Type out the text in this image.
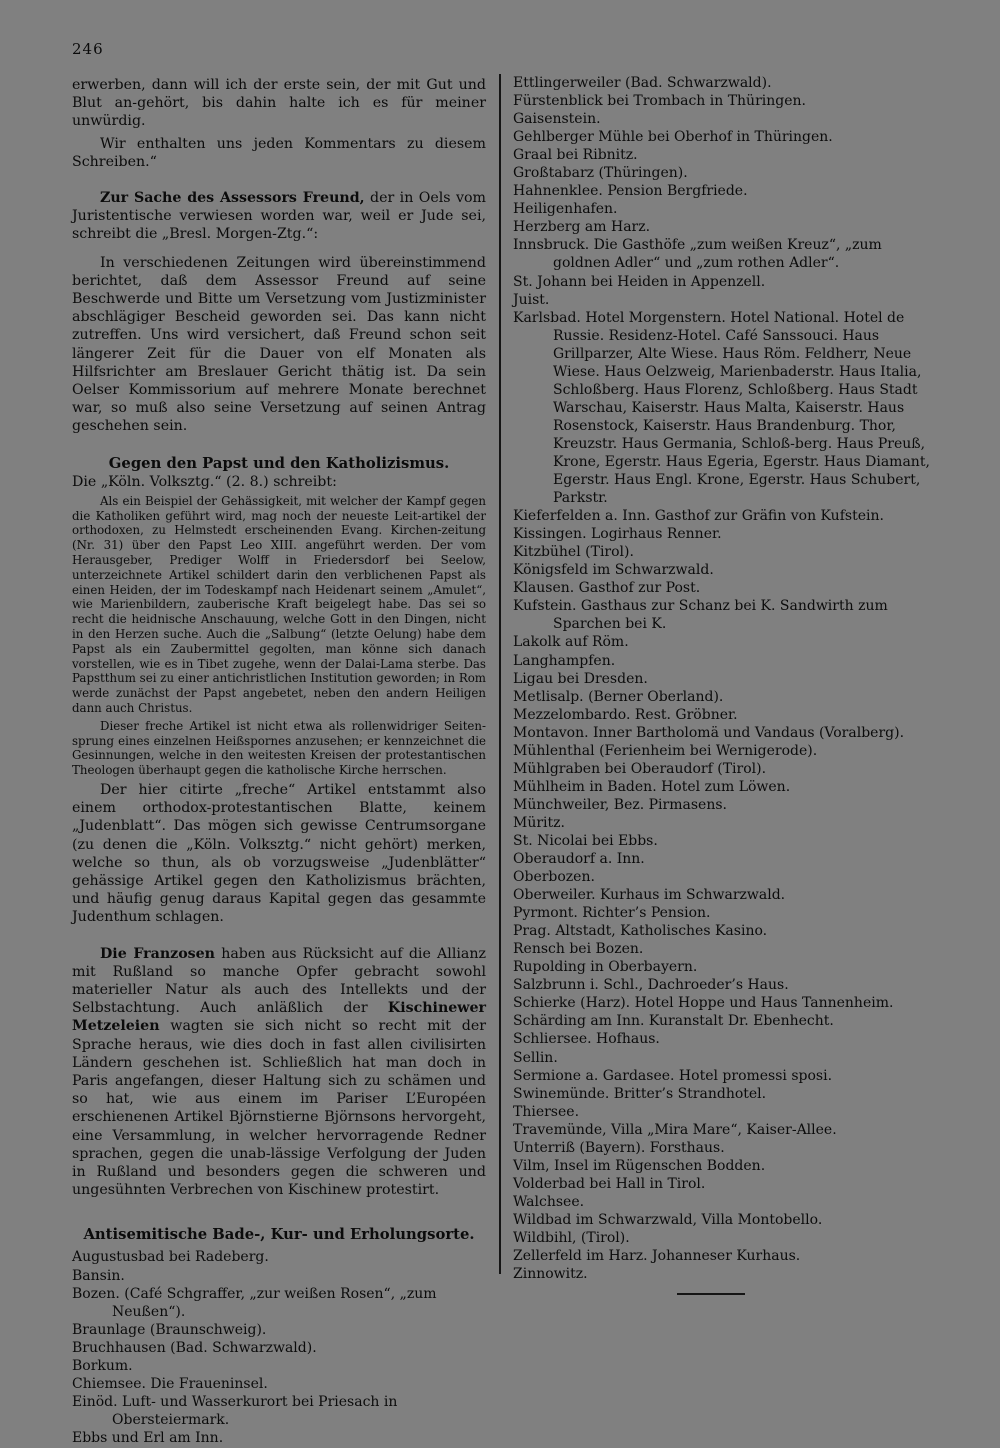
246

erwerben, dann will ich der erste sein, der mit Gut und Blut an-gehört, bis dahin halte ich es für meiner unwürdig.

Wir enthalten uns jeden Kommentars zu diesem Schreiben.“

Zur Sache des Assessors Freund, der in Oels vom Juristentische verwiesen worden war, weil er Jude sei, schreibt die „Bresl. Morgen-Ztg.“:

In verschiedenen Zeitungen wird übereinstimmend berichtet, daß dem Assessor Freund auf seine Beschwerde und Bitte um Versetzung vom Justizminister abschlägiger Bescheid geworden sei. Das kann nicht zutreffen. Uns wird versichert, daß Freund schon seit längerer Zeit für die Dauer von elf Monaten als Hilfsrichter am Breslauer Gericht thätig ist. Da sein Oelser Kommissorium auf mehrere Monate berechnet war, so muß also seine Versetzung auf seinen Antrag geschehen sein.

Gegen den Papst und den Katholizismus.

Die „Köln. Volksztg.“ (2. 8.) schreibt:

Als ein Beispiel der Gehässigkeit, mit welcher der Kampf gegen die Katholiken geführt wird, mag noch der neueste Leit-artikel der orthodoxen, zu Helmstedt erscheinenden Evang. Kirchen-zeitung (Nr. 31) über den Papst Leo XIII. angeführt werden. Der vom Herausgeber, Prediger Wolff in Friedersdorf bei Seelow, unterzeichnete Artikel schildert darin den verblichenen Papst als einen Heiden, der im Todeskampf nach Heidenart seinem „Amulet“, wie Marienbildern, zauberische Kraft beigelegt habe. Das sei so recht die heidnische Anschauung, welche Gott in den Dingen, nicht in den Herzen suche. Auch die „Salbung“ (letzte Oelung) habe dem Papst als ein Zaubermittel gegolten, man könne sich danach vorstellen, wie es in Tibet zugehe, wenn der Dalai-Lama sterbe. Das Papstthum sei zu einer antichristlichen Institution geworden; in Rom werde zunächst der Papst angebetet, neben den andern Heiligen dann auch Christus.

Dieser freche Artikel ist nicht etwa als rollenwidriger Seiten-sprung eines einzelnen Heißspornes anzusehen; er kennzeichnet die Gesinnungen, welche in den weitesten Kreisen der protestantischen Theologen überhaupt gegen die katholische Kirche herrschen.

Der hier citirte „freche“ Artikel entstammt also einem orthodox-protestantischen Blatte, keinem „Judenblatt“. Das mögen sich gewisse Centrumsorgane (zu denen die „Köln. Volksztg.“ nicht gehört) merken, welche so thun, als ob vorzugsweise „Judenblätter“ gehässige Artikel gegen den Katholizismus brächten, und häufig genug daraus Kapital gegen das gesammte Judenthum schlagen.

Die Franzosen haben aus Rücksicht auf die Allianz mit Rußland so manche Opfer gebracht sowohl materieller Natur als auch des Intellekts und der Selbstachtung. Auch anläßlich der Kischinewer Metzeleien wagten sie sich nicht so recht mit der Sprache heraus, wie dies doch in fast allen civilisirten Ländern geschehen ist. Schließlich hat man doch in Paris angefangen, dieser Haltung sich zu schämen und so hat, wie aus einem im Pariser L’Européen erschienenen Artikel Björnstierne Björnsons hervorgeht, eine Versammlung, in welcher hervorragende Redner sprachen, gegen die unab-lässige Verfolgung der Juden in Rußland und besonders gegen die schweren und ungesühnten Verbrechen von Kischinew protestirt.

Antisemitische Bade-, Kur- und Erholungsorte.

Augustusbad bei Radeberg.
Bansin.
Bozen. (Café Schgraffer, „zur weißen Rosen“, „zum Neußen“).
Braunlage (Braunschweig).
Bruchhausen (Bad. Schwarzwald).
Borkum.
Chiemsee. Die Fraueninsel.
Einöd. Luft- und Wasserkurort bei Priesach in Obersteiermark.
Ebbs und Erl am Inn.
Ettlingerweiler (Bad. Schwarzwald).
Fürstenblick bei Trombach in Thüringen.
Gaisenstein.
Gehlberger Mühle bei Oberhof in Thüringen.
Graal bei Ribnitz.
Großtabarz (Thüringen).
Hahnenklee. Pension Bergfriede.
Heiligenhafen.
Herzberg am Harz.
Innsbruck. Die Gasthöfe „zum weißen Kreuz“, „zum goldnen Adler“ und „zum rothen Adler“.
St. Johann bei Heiden in Appenzell.
Juist.
Karlsbad. Hotel Morgenstern. Hotel National. Hotel de Russie. Residenz-Hotel. Café Sanssouci. Haus Grillparzer, Alte Wiese. Haus Röm. Feldherr, Neue Wiese. Haus Oelzweig, Marienbaderstr. Haus Italia, Schloßberg. Haus Florenz, Schloßberg. Haus Stadt Warschau, Kaiserstr. Haus Malta, Kaiserstr. Haus Rosenstock, Kaiserstr. Haus Brandenburg. Thor, Kreuzstr. Haus Germania, Schloß-berg. Haus Preuß, Krone, Egerstr. Haus Egeria, Egerstr. Haus Diamant, Egerstr. Haus Engl. Krone, Egerstr. Haus Schubert, Parkstr.
Kieferfelden a. Inn. Gasthof zur Gräfin von Kufstein.
Kissingen. Logirhaus Renner.
Kitzbühel (Tirol).
Königsfeld im Schwarzwald.
Klausen. Gasthof zur Post.
Kufstein. Gasthaus zur Schanz bei K. Sandwirth zum Sparchen bei K.
Lakolk auf Röm.
Langhampfen.
Ligau bei Dresden.
Metlisalp. (Berner Oberland).
Mezzelombardo. Rest. Gröbner.
Montavon. Inner Bartholomä und Vandaus (Voralberg).
Mühlenthal (Ferienheim bei Wernigerode).
Mühlgraben bei Oberaudorf (Tirol).
Mühlheim in Baden. Hotel zum Löwen.
Münchweiler, Bez. Pirmasens.
Müritz.
St. Nicolai bei Ebbs.
Oberaudorf a. Inn.
Oberbozen.
Oberweiler. Kurhaus im Schwarzwald.
Pyrmont. Richter’s Pension.
Prag. Altstadt, Katholisches Kasino.
Rensch bei Bozen.
Rupolding in Oberbayern.
Salzbrunn i. Schl., Dachroeder’s Haus.
Schierke (Harz). Hotel Hoppe und Haus Tannenheim.
Schärding am Inn. Kuranstalt Dr. Ebenhecht.
Schliersee. Hofhaus.
Sellin.
Sermione a. Gardasee. Hotel promessi sposi.
Swinemünde. Britter’s Strandhotel.
Thiersee.
Travemünde, Villa „Mira Mare“, Kaiser-Allee.
Unterriß (Bayern). Forsthaus.
Vilm, Insel im Rügenschen Bodden.
Volderbad bei Hall in Tirol.
Walchsee.
Wildbad im Schwarzwald, Villa Montobello.
Wildbihl, (Tirol).
Zellerfeld im Harz. Johanneser Kurhaus.
Zinnowitz.
